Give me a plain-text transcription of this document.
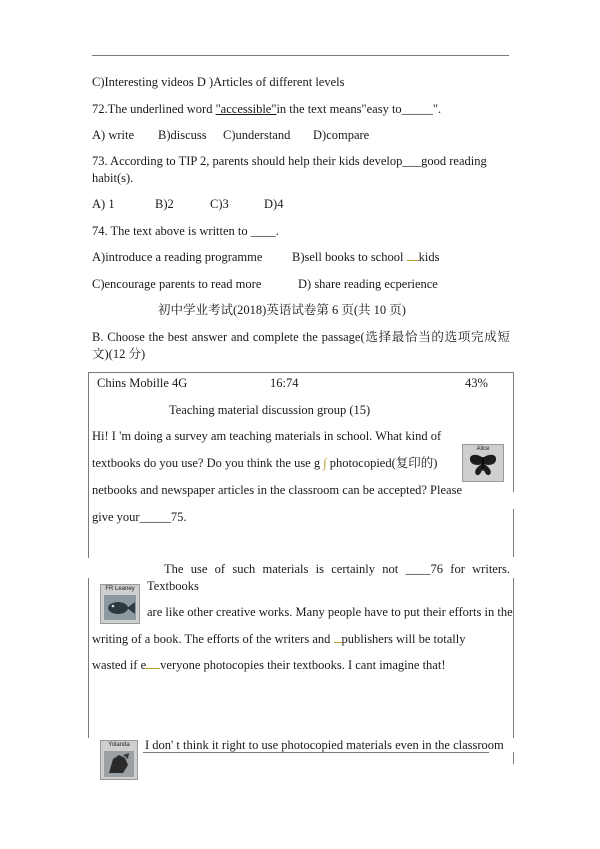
C)Interesting videos D )Articles of different levels
72.The underlined word "accessible"in the text means"easy to_____".
A) write B)discuss C)understand D)compare
73. According to TIP 2, parents should help their kids develop___good reading
habit(s).
A) 1	B)2	C)3	D)4
74. The text above is written to ____.
A)introduce a reading programme B)sell books to school kids
C)encourage parents to read more	D) share reading ecperience
初中学业考试(2018)英语试卷第 6 页(共 10 页)
B. Choose the best answer and complete the passage(选择最恰当的选项完成短
文)(12 分)
Chins Mobille 4G	16:74	43%
Teaching material discussion group (15)
Hi! I 'm doing a survey am teaching materials in school. What kind of
textbooks do you use? Do you think the use g ∫ photocopied(复印的)
netbooks and newspaper articles in the classroom can be accepted? Please
give your_____75.
Alice
The use of such materials is certainly not ____76 for writers.
Textbooks
are like other creative works. Many people have to put their efforts in the
writing of a book. The efforts of the writers and publishers will be totally
wasted if e veryone photocopies their textbooks. I cant imagine that!
FR Leaney
I don' t think it right to use photocopied materials even in the classroom
Yolanda
